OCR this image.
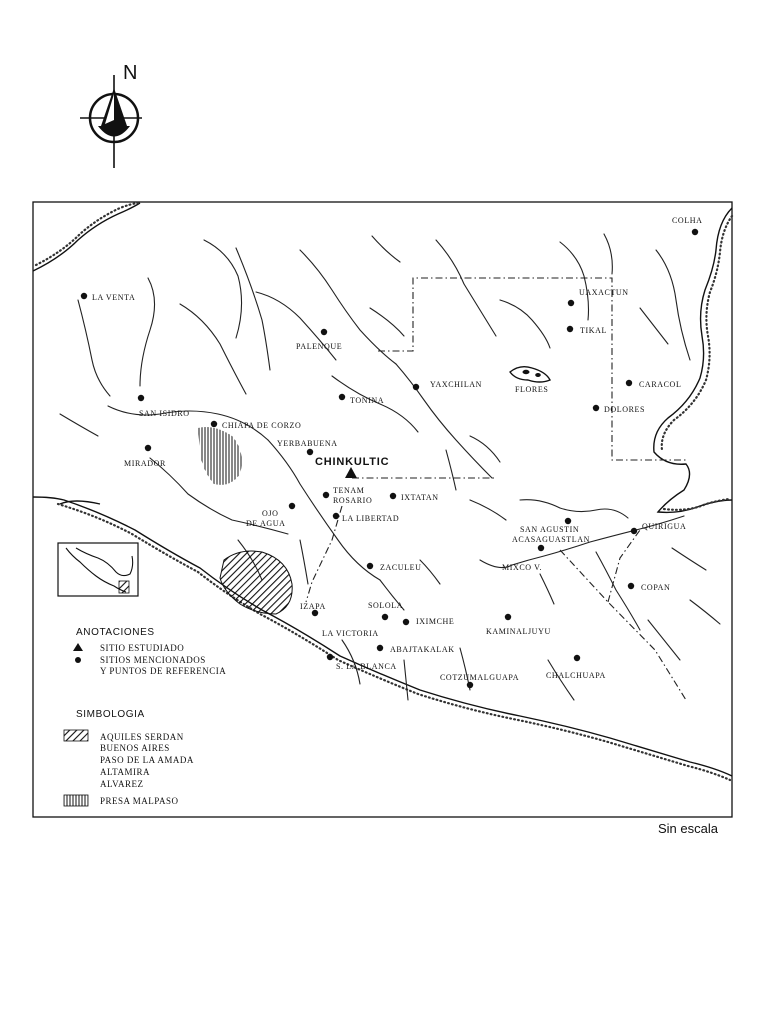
N
CHINKULTIC
LA VENTA
PALENQUE
UAXACTUN
TIKAL
COLHA
YAXCHILAN
FLORES
CARACOL
DOLORES
TONINA
SAN ISIDRO
CHIAPA DE CORZO
YERBABUENA
MIRADOR
TENAM
ROSARIO	IXTATAN
OJO
DE AGUA
LA LIBERTAD
SAN AGUSTIN
ACASAGUASTLAN
QUIRIGUA
ZACULEU	MIXCO V.
COPAN
IZAPA	SOLOLA
IXIMCHE
KAMINALJUYU
LA VICTORIA
ABAJTAKALAK
CHALCHUAPA
S. LA BLANCA
COTZUMALGUAPA
ANOTACIONES
SITIO ESTUDIADO
SITIOS MENCIONADOS
Y PUNTOS DE REFERENCIA
SIMBOLOGIA
AQUILES SERDAN
BUENOS AIRES
PASO DE LA AMADA
ALTAMIRA
ALVAREZ
PRESA MALPASO
Sin escala
